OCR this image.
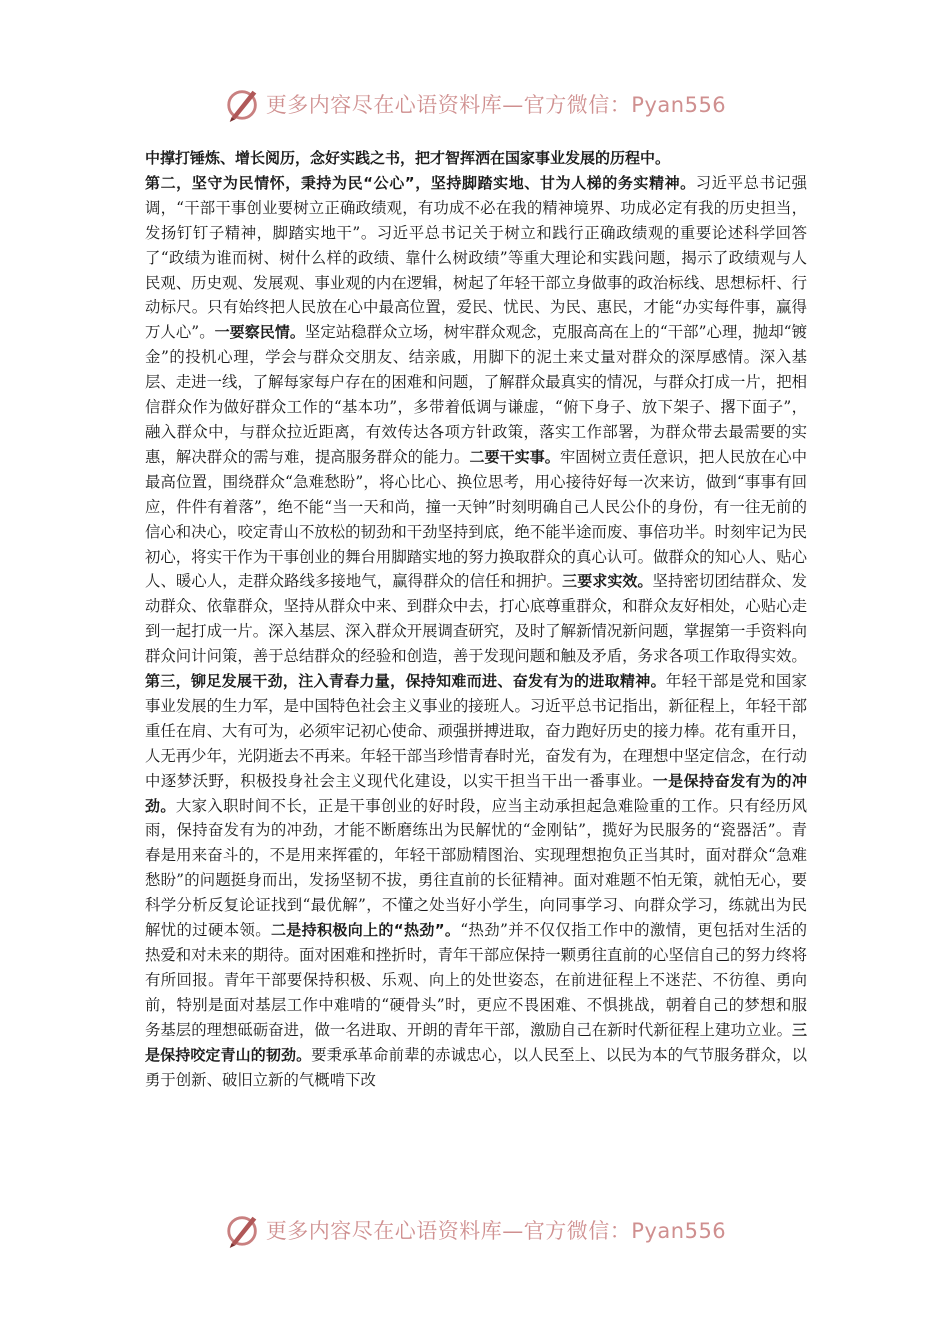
更多内容尽在心语资料库—官方微信：Pyan556

中撑打锤炼、增长阅历，念好实践之书，把才智挥洒在国家事业发展的历程中。

第二，坚守为民情怀，秉持为民“公心”，坚持脚踏实地、甘为人梯的务实精神。习近平总书记强调，“干部干事创业要树立正确政绩观，有功成不必在我的精神境界、功成必定有我的历史担当，发扬钉钉子精神，脚踏实地干”。习近平总书记关于树立和践行正确政绩观的重要论述科学回答了“政绩为谁而树、树什么样的政绩、靠什么树政绩”等重大理论和实践问题，揭示了政绩观与人民观、历史观、发展观、事业观的内在逻辑，树起了年轻干部立身做事的政治标线、思想标杆、行动标尺。只有始终把人民放在心中最高位置，爱民、忧民、为民、惠民，才能“办实每件事，赢得万人心”。一要察民情。坚定站稳群众立场，树牢群众观念，克服高高在上的“干部”心理，抛却“镀金”的投机心理，学会与群众交朋友、结亲戚，用脚下的泥土来丈量对群众的深厚感情。深入基层、走进一线，了解每家每户存在的困难和问题，了解群众最真实的情况，与群众打成一片，把相信群众作为做好群众工作的“基本功”，多带着低调与谦虚，“俯下身子、放下架子、撂下面子”，融入群众中，与群众拉近距离，有效传达各项方针政策，落实工作部署，为群众带去最需要的实惠，解决群众的需与难，提高服务群众的能力。二要干实事。牢固树立责任意识，把人民放在心中最高位置，围绕群众“急难愁盼”，将心比心、换位思考，用心接待好每一次来访，做到“事事有回应，件件有着落”，绝不能“当一天和尚，撞一天钟”时刻明确自己人民公仆的身份，有一往无前的信心和决心，咬定青山不放松的韧劲和干劲坚持到底，绝不能半途而废、事倍功半。时刻牢记为民初心，将实干作为干事创业的舞台用脚踏实地的努力换取群众的真心认可。做群众的知心人、贴心人、暖心人，走群众路线多接地气，赢得群众的信任和拥护。三要求实效。坚持密切团结群众、发动群众、依靠群众，坚持从群众中来、到群众中去，打心底尊重群众，和群众友好相处，心贴心走到一起打成一片。深入基层、深入群众开展调查研究，及时了解新情况新问题，掌握第一手资料向群众问计问策，善于总结群众的经验和创造，善于发现问题和触及矛盾，务求各项工作取得实效。

第三，铆足发展干劲，注入青春力量，保持知难而进、奋发有为的进取精神。年轻干部是党和国家事业发展的生力军，是中国特色社会主义事业的接班人。习近平总书记指出，新征程上，年轻干部重任在肩、大有可为，必须牢记初心使命、顽强拼搏进取，奋力跑好历史的接力棒。花有重开日，人无再少年，光阴逝去不再来。年轻干部当珍惜青春时光，奋发有为，在理想中坚定信念，在行动中逐梦沃野，积极投身社会主义现代化建设，以实干担当干出一番事业。一是保持奋发有为的冲劲。大家入职时间不长，正是干事创业的好时段，应当主动承担起急难险重的工作。只有经历风雨，保持奋发有为的冲劲，才能不断磨练出为民解忧的“金刚钻”，揽好为民服务的“瓷器活”。青春是用来奋斗的，不是用来挥霍的，年轻干部励精图治、实现理想抱负正当其时，面对群众“急难愁盼”的问题挺身而出，发扬坚韧不拔，勇往直前的长征精神。面对难题不怕无策，就怕无心，要科学分析反复论证找到“最优解”，不懂之处当好小学生，向同事学习、向群众学习，练就出为民解忧的过硬本领。二是持积极向上的“热劲”。“热劲”并不仅仅指工作中的激情，更包括对生活的热爱和对未来的期待。面对困难和挫折时，青年干部应保持一颗勇往直前的心坚信自己的努力终将有所回报。青年干部要保持积极、乐观、向上的处世姿态，在前进征程上不迷茫、不彷徨、勇向前，特别是面对基层工作中难啃的“硬骨头”时，更应不畏困难、不惧挑战，朝着自己的梦想和服务基层的理想砥砺奋进，做一名进取、开朗的青年干部，激励自己在新时代新征程上建功立业。三是保持咬定青山的韧劲。要秉承革命前辈的赤诚忠心，以人民至上、以民为本的气节服务群众，以勇于创新、破旧立新的气概啃下改

更多内容尽在心语资料库—官方微信：Pyan556
